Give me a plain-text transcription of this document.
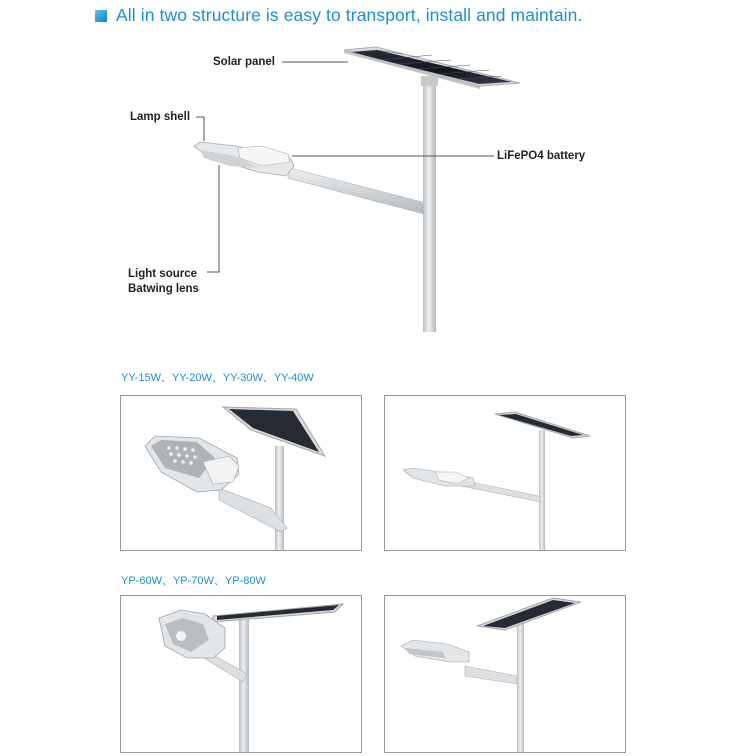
All in two structure is easy to transport, install and maintain.
Solar panel
Lamp shell
LiFePO4 battery
Light source
Batwing lens
YY-15W、YY-20W、YY-30W、YY-40W
YP-60W、YP-70W、YP-80W
